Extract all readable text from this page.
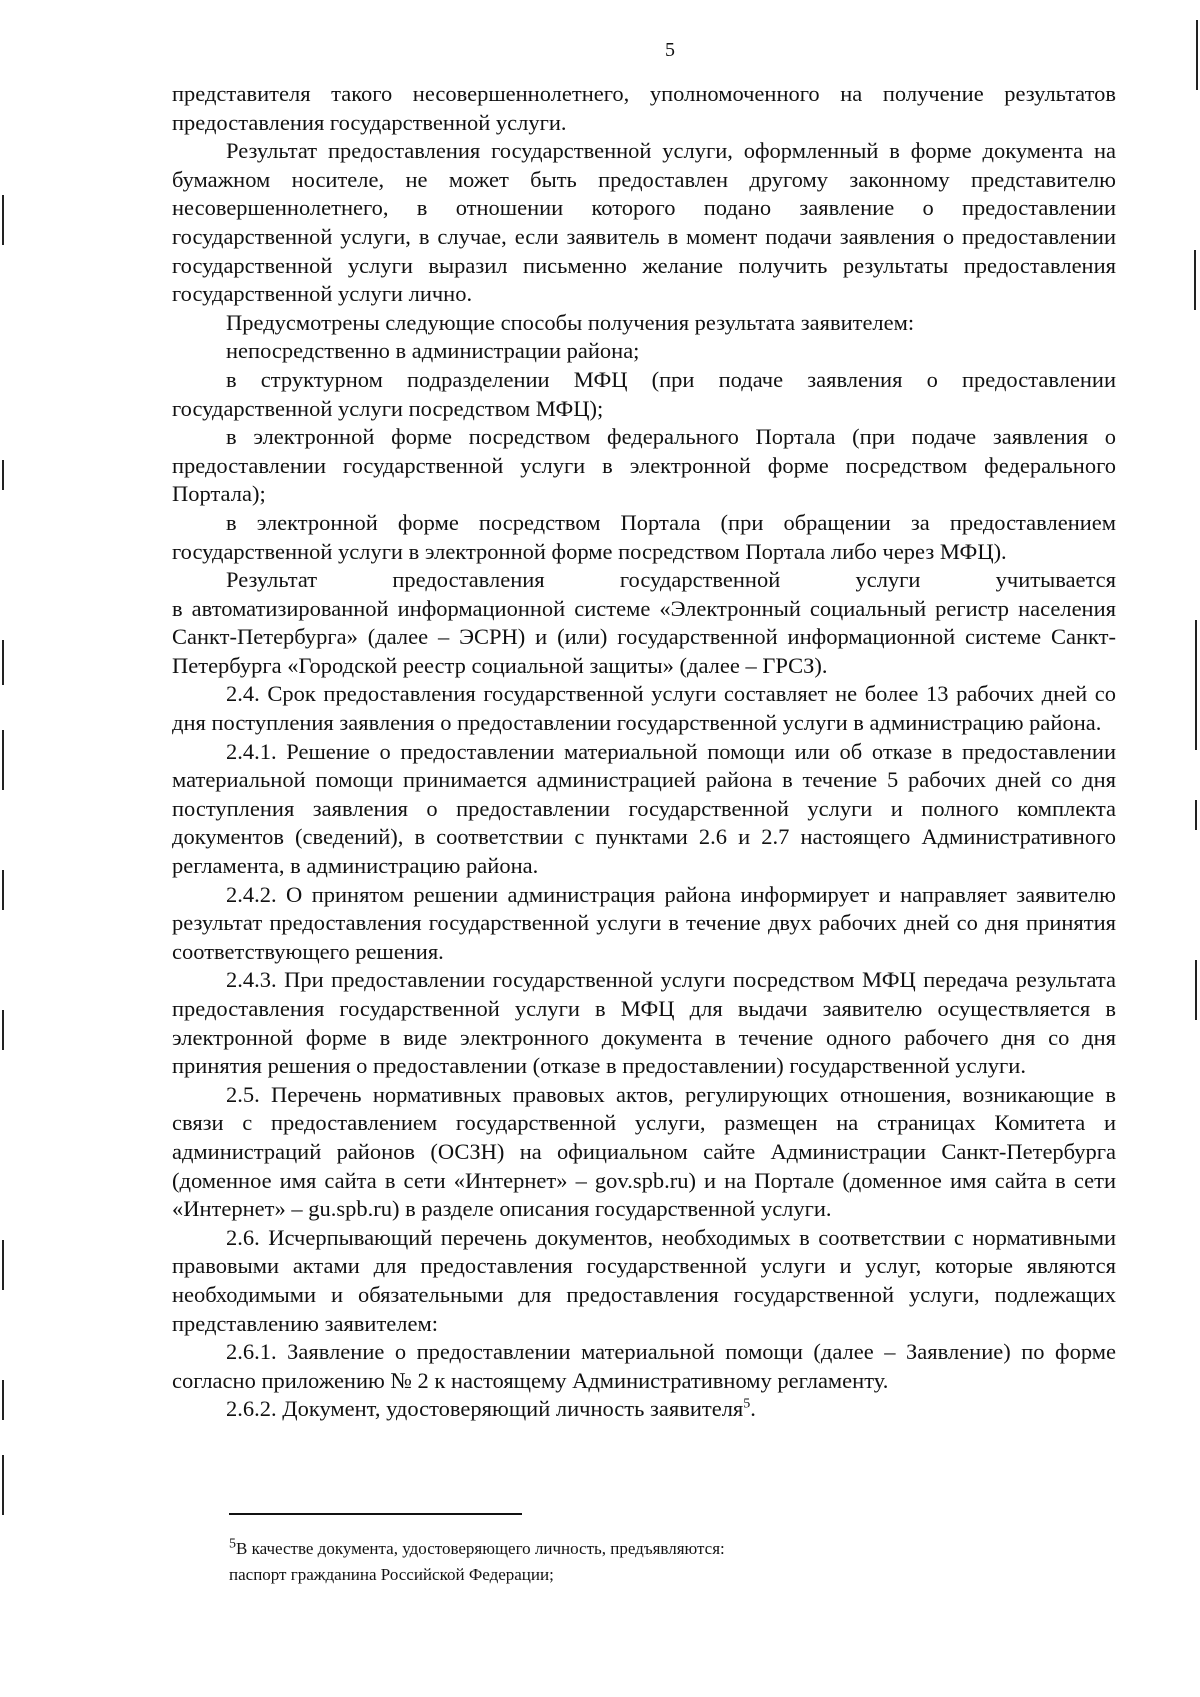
5

представителя такого несовершеннолетнего, уполномоченного на получение результатов предоставления государственной услуги.

Результат предоставления государственной услуги, оформленный в форме документа на бумажном носителе, не может быть предоставлен другому законному представителю несовершеннолетнего, в отношении которого подано заявление о предоставлении государственной услуги, в случае, если заявитель в момент подачи заявления о предоставлении государственной услуги выразил письменно желание получить результаты предоставления государственной услуги лично.

Предусмотрены следующие способы получения результата заявителем:

непосредственно в администрации района;

в структурном подразделении МФЦ (при подаче заявления о предоставлении государственной услуги посредством МФЦ);

в электронной форме посредством федерального Портала (при подаче заявления о предоставлении государственной услуги в электронной форме посредством федерального Портала);

в электронной форме посредством Портала (при обращении за предоставлением государственной услуги в электронной форме посредством Портала либо через МФЦ).

Результат предоставления государственной услуги учитывается

в автоматизированной информационной системе «Электронный социальный регистр населения Санкт-Петербурга» (далее – ЭСРН) и (или) государственной информационной системе Санкт-Петербурга «Городской реестр социальной защиты» (далее – ГРСЗ).

2.4. Срок предоставления государственной услуги составляет не более 13 рабочих дней со дня поступления заявления о предоставлении государственной услуги в администрацию района.

2.4.1. Решение о предоставлении материальной помощи или об отказе в предоставлении материальной помощи принимается администрацией района в течение 5 рабочих дней со дня поступления заявления о предоставлении государственной услуги и полного комплекта документов (сведений), в соответствии с пунктами 2.6 и 2.7 настоящего Административного регламента, в администрацию района.

2.4.2. О принятом решении администрация района информирует и направляет заявителю результат предоставления государственной услуги в течение двух рабочих дней со дня принятия соответствующего решения.

2.4.3. При предоставлении государственной услуги посредством МФЦ передача результата предоставления государственной услуги в МФЦ для выдачи заявителю осуществляется в электронной форме в виде электронного документа в течение одного рабочего дня со дня принятия решения о предоставлении (отказе в предоставлении) государственной услуги.

2.5. Перечень нормативных правовых актов, регулирующих отношения, возникающие в связи с предоставлением государственной услуги, размещен на страницах Комитета и администраций районов (ОСЗН) на официальном сайте Администрации Санкт-Петербурга (доменное имя сайта в сети «Интернет» – gov.spb.ru) и на Портале (доменное имя сайта в сети «Интернет» – gu.spb.ru) в разделе описания государственной услуги.

2.6. Исчерпывающий перечень документов, необходимых в соответствии с нормативными правовыми актами для предоставления государственной услуги и услуг, которые являются необходимыми и обязательными для предоставления государственной услуги, подлежащих представлению заявителем:

2.6.1. Заявление о предоставлении материальной помощи (далее – Заявление) по форме согласно приложению № 2 к настоящему Административному регламенту.

2.6.2. Документ, удостоверяющий личность заявителя$^5$.

$^5$В качестве документа, удостоверяющего личность, предъявляются:

паспорт гражданина Российской Федерации;
